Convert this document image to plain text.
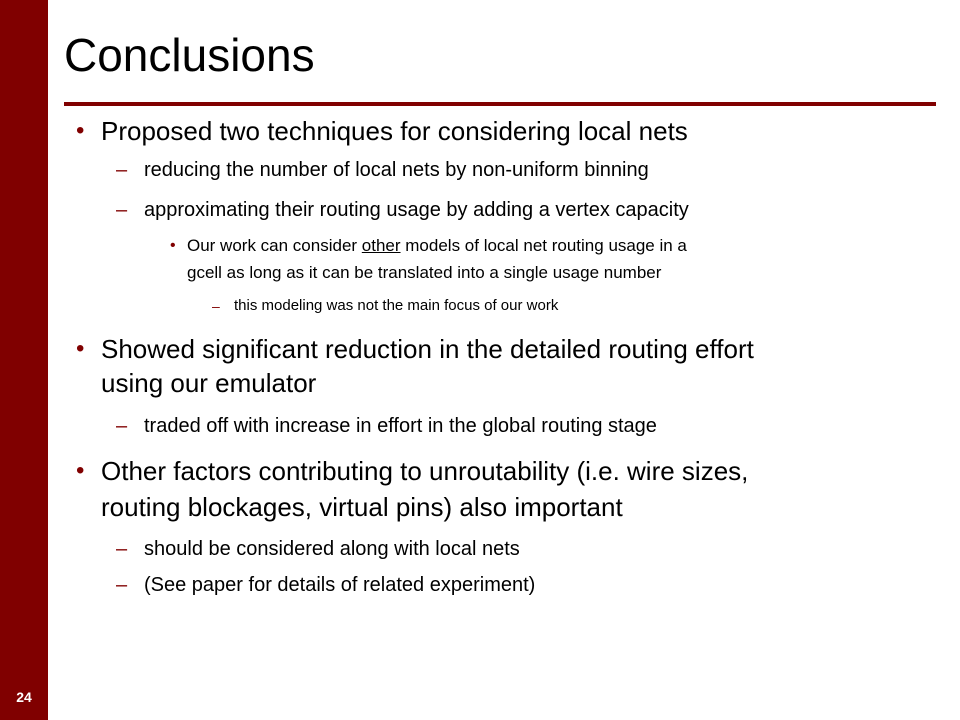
24
Conclusions
• Proposed two techniques for considering local nets
– reducing the number of local nets by non-uniform binning
– approximating their routing usage by adding a vertex capacity
• Our work can consider other models of local net routing usage in a
gcell as long as it can be translated into a single usage number
– this modeling was not the main focus of our work
• Showed significant reduction in the detailed routing effort
using our emulator
– traded off with increase in effort in the global routing stage
• Other factors contributing to unroutability (i.e. wire sizes,
routing blockages, virtual pins) also important
– should be considered along with local nets
– (See paper for details of related experiment)
